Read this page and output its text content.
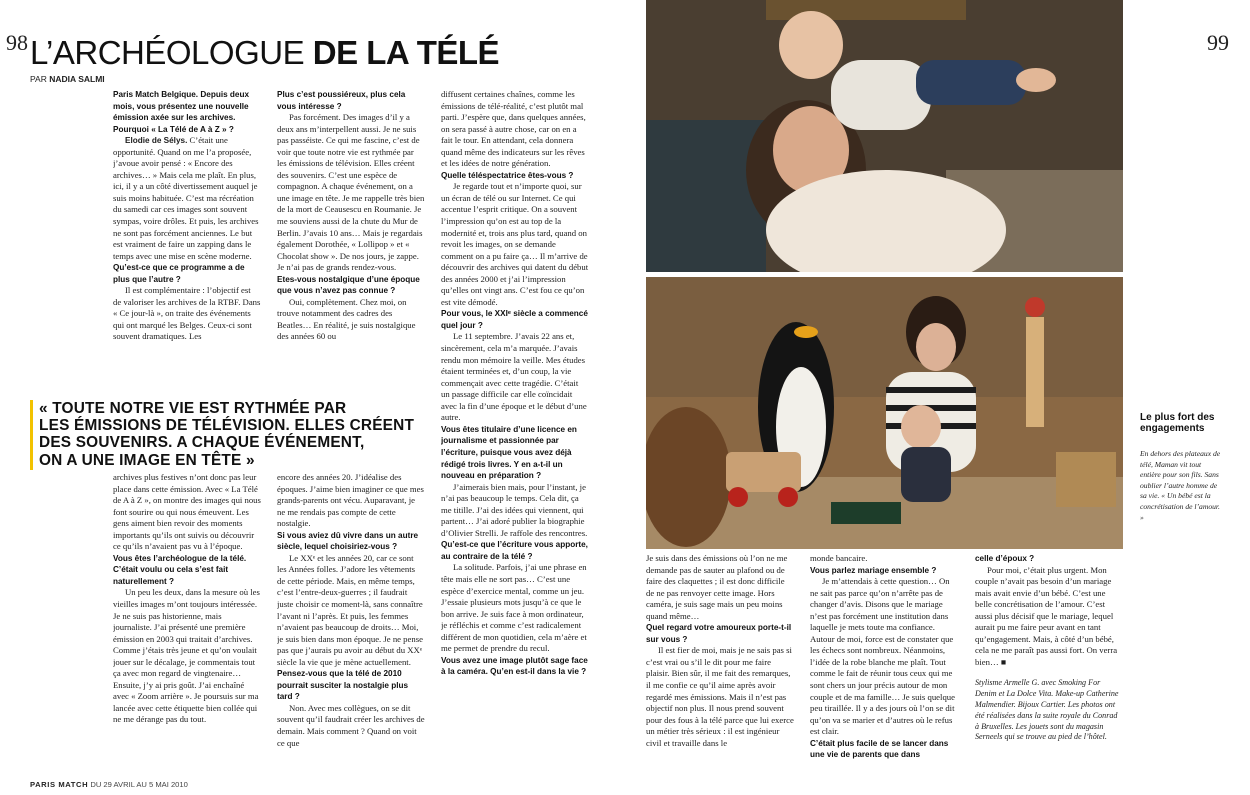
98	99
L’ARCHÉOLOGUE DE LA TÉLÉ
PAR NADIA SALMI

Paris Match Belgique. Depuis deux mois, vous présentez une nouvelle émission axée sur les archives. Pourquoi « La Télé de A à Z » ?

Elodie de Sélys. C’était une opportunité. Quand on me l’a proposée, j’avoue avoir pensé : « Encore des archives… » Mais cela me plaît. En plus, ici, il y a un côté divertissement auquel je suis moins habituée. C’est ma récréation du samedi car ces images sont souvent sympas, voire drôles. Et puis, les archives ne sont pas forcément anciennes. Le but est vraiment de faire un zapping dans le temps avec une mise en scène moderne.

Qu’est-ce que ce programme a de plus que l’autre ?

Il est complémentaire : l’objectif est de valoriser les archives de la RTBF. Dans « Ce jour-là », on traite des événements qui ont marqué les Belges. Ceux-ci sont souvent dramatiques. Les

Plus c’est poussiéreux, plus cela vous intéresse ?

Pas forcément. Des images d’il y a deux ans m’interpellent aussi. Je ne suis pas passéiste. Ce qui me fascine, c’est de voir que toute notre vie est rythmée par les émissions de télévision. Elles créent des souvenirs. C’est une espèce de compagnon. A chaque événement, on a une image en tête. Je me rappelle très bien de la mort de Ceausescu en Roumanie. Je me souviens aussi de la chute du Mur de Berlin. J’avais 10 ans… Mais je regardais également Dorothée, « Lollipop » et « Chocolat show ». De nos jours, je zappe. Je n’ai pas de grands rendez-vous.

Etes-vous nostalgique d’une époque que vous n’avez pas connue ?

Oui, complètement. Chez moi, on trouve notamment des cadres des Beatles… En réalité, je suis nostalgique des années 60 ou

diffusent certaines chaînes, comme les émissions de télé-réalité, c’est plutôt mal parti. J’espère que, dans quelques années, on sera passé à autre chose, car on en a fait le tour. En attendant, cela donnera quand même des indicateurs sur les rêves et les idées de notre génération.

Quelle téléspectatrice êtes-vous ?

Je regarde tout et n’importe quoi, sur un écran de télé ou sur Internet. Ce qui accentue l’esprit critique. On a souvent l’impression qu’on est au top de la modernité et, trois ans plus tard, quand on revoit les images, on se demande comment on a pu faire ça… Il m’arrive de découvrir des archives qui datent du début des années 2000 et j’ai l’impression qu’elles ont vingt ans. C’est fou ce qu’on est vite démodé.

Pour vous, le XXIᵉ siècle a commencé quel jour ?

Le 11 septembre. J’avais 22 ans et, sincèrement, cela m’a marquée. J’avais rendu mon mémoire la veille. Mes études étaient terminées et, d’un coup, la vie commençait avec cette tragédie. C’était un passage difficile car elle coïncidait avec la fin d’une époque et le début d’une autre.

Vous êtes titulaire d’une licence en journalisme et passionnée par l’écriture, puisque vous avez déjà rédigé trois livres. Y en a-t-il un nouveau en préparation ?

J’aimerais bien mais, pour l’instant, je n’ai pas beaucoup le temps. Cela dit, ça me titille. J’ai des idées qui viennent, qui partent… J’ai adoré publier la biographie d’Olivier Strelli. Je raffole des rencontres.

Qu’est-ce que l’écriture vous apporte, au contraire de la télé ?

La solitude. Parfois, j’ai une phrase en tête mais elle ne sort pas… C’est une espèce d’exercice mental, comme un jeu. J’essaie plusieurs mots jusqu’à ce que le bon arrive. Je suis face à mon ordinateur, je réfléchis et comme c’est radicalement différent de mon quotidien, cela m’aère et me permet de prendre du recul.

Vous avez une image plutôt sage face à la caméra. Qu’en est-il dans la vie ?

« TOUTE NOTRE VIE EST RYTHMÉE PAR
LES ÉMISSIONS DE TÉLÉVISION. ELLES CRÉENT
DES SOUVENIRS. A CHAQUE ÉVÉNEMENT,
ON A UNE IMAGE EN TÊTE »

archives plus festives n’ont donc pas leur place dans cette émission. Avec « La Télé de A à Z », on montre des images qui nous font sourire ou qui nous émeuvent. Les gens aiment bien revoir des moments importants qu’ils ont suivis ou découvrir ce qu’ils n’avaient pas vu à l’époque.

Vous êtes l’archéologue de la télé. C’était voulu ou cela s’est fait naturellement ?

Un peu les deux, dans la mesure où les vieilles images m’ont toujours intéressée. Je ne suis pas historienne, mais journaliste. J’ai présenté une première émission en 2003 qui traitait d’archives. Comme j’étais très jeune et qu’on voulait jouer sur le décalage, je commentais tout ça avec mon regard de vingtenaire… Ensuite, j’y ai pris goût. J’ai enchaîné avec « Zoom arrière ». Je poursuis sur ma lancée avec cette étiquette bien collée qui ne me dérange pas du tout.

encore des années 20. J’idéalise des époques. J’aime bien imaginer ce que mes grands-parents ont vécu. Auparavant, je ne me rendais pas compte de cette nostalgie.

Si vous aviez dû vivre dans un autre siècle, lequel choisiriez-vous ?

Le XXᵉ et les années 20, car ce sont les Années folles. J’adore les vêtements de cette période. Mais, en même temps, c’est l’entre-deux-guerres ; il faudrait juste choisir ce moment-là, sans connaître l’avant ni l’après. Et puis, les femmes n’avaient pas beaucoup de droits… Moi, je suis bien dans mon époque. Je ne pense pas que j’aurais pu avoir au début du XXᵉ siècle la vie que je mène actuellement.

Pensez-vous que la télé de 2010 pourrait susciter la nostalgie plus tard ?

Non. Avec mes collègues, on se dit souvent qu’il faudrait créer les archives de demain. Mais comment ? Quand on voit ce que

Le plus fort des engagements
En dehors des plateaux de télé, Maman vit tout entière pour son fils. Sans oublier l’autre homme de sa vie. « Un bébé est la concrétisation de l’amour. »

Je suis dans des émissions où l’on ne me demande pas de sauter au plafond ou de faire des claquettes ; il est donc difficile de ne pas renvoyer cette image. Hors caméra, je suis sage mais un peu moins quand même…

Quel regard votre amoureux porte-t-il sur vous ?

Il est fier de moi, mais je ne sais pas si c’est vrai ou s’il le dit pour me faire plaisir. Bien sûr, il me fait des remarques, il me confie ce qu’il aime après avoir regardé mes émissions. Mais il n’est pas objectif non plus. Il nous prend souvent pour des fous à la télé parce que lui exerce un métier très sérieux : il est ingénieur civil et travaille dans le

monde bancaire.

Vous parlez mariage ensemble ?

Je m’attendais à cette question… On ne sait pas parce qu’on n’arrête pas de changer d’avis. Disons que le mariage n’est pas forcément une institution dans laquelle je mets toute ma confiance. Autour de moi, force est de constater que les échecs sont nombreux. Néanmoins, l’idée de la robe blanche me plaît. Tout comme le fait de réunir tous ceux qui me sont chers un jour précis autour de mon couple et de ma famille… Je suis quelque peu tiraillée. Il y a des jours où l’on se dit qu’on va se marier et d’autres où le refus est clair.

C’était plus facile de se lancer dans une vie de parents que dans

celle d’époux ?

Pour moi, c’était plus urgent. Mon couple n’avait pas besoin d’un mariage mais avait envie d’un bébé. C’est une belle concrétisation de l’amour. C’est aussi plus décisif que le mariage, lequel aurait pu me faire peur avant en tant qu’engagement. Mais, à côté d’un bébé, cela ne me paraît pas aussi fort. On verra bien… ■

Stylisme Armelle G. avec Smoking For Denim et La Dolce Vita. Make-up Catherine Malmendier. Bijoux Cartier. Les photos ont été réalisées dans la suite royale du Conrad à Bruxelles. Les jouets sont du magasin Serneels qui se trouve au pied de l’hôtel.

PARIS MATCH DU 29 AVRIL AU 5 MAI 2010
